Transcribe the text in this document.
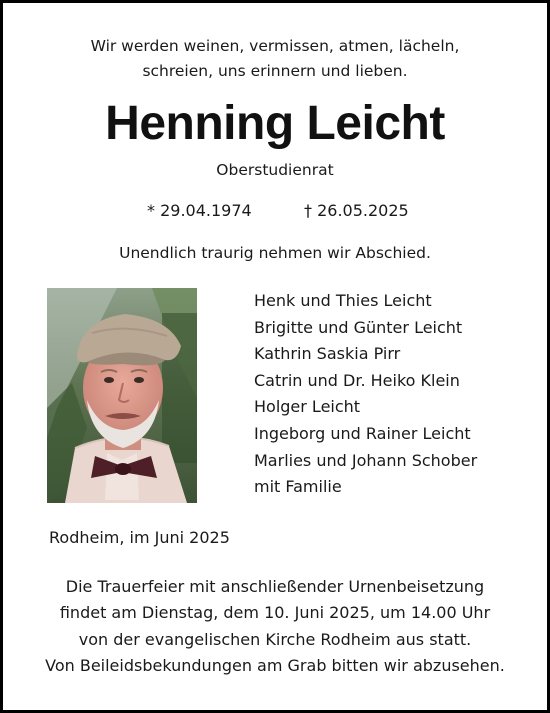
Wir werden weinen, vermissen, atmen, lächeln,
schreien, uns erinnern und lieben.
Henning Leicht
Oberstudienrat
* 29.04.1974	† 26.05.2025
Unendlich traurig nehmen wir Abschied.
Henk und Thies Leicht
Brigitte und Günter Leicht
Kathrin Saskia Pirr
Catrin und Dr. Heiko Klein
Holger Leicht
Ingeborg und Rainer Leicht
Marlies und Johann Schober
mit Familie
Rodheim, im Juni 2025
Die Trauerfeier mit anschließender Urnenbeisetzung
findet am Dienstag, dem 10. Juni 2025, um 14.00 Uhr
von der evangelischen Kirche Rodheim aus statt.
Von Beileidsbekundungen am Grab bitten wir abzusehen.
